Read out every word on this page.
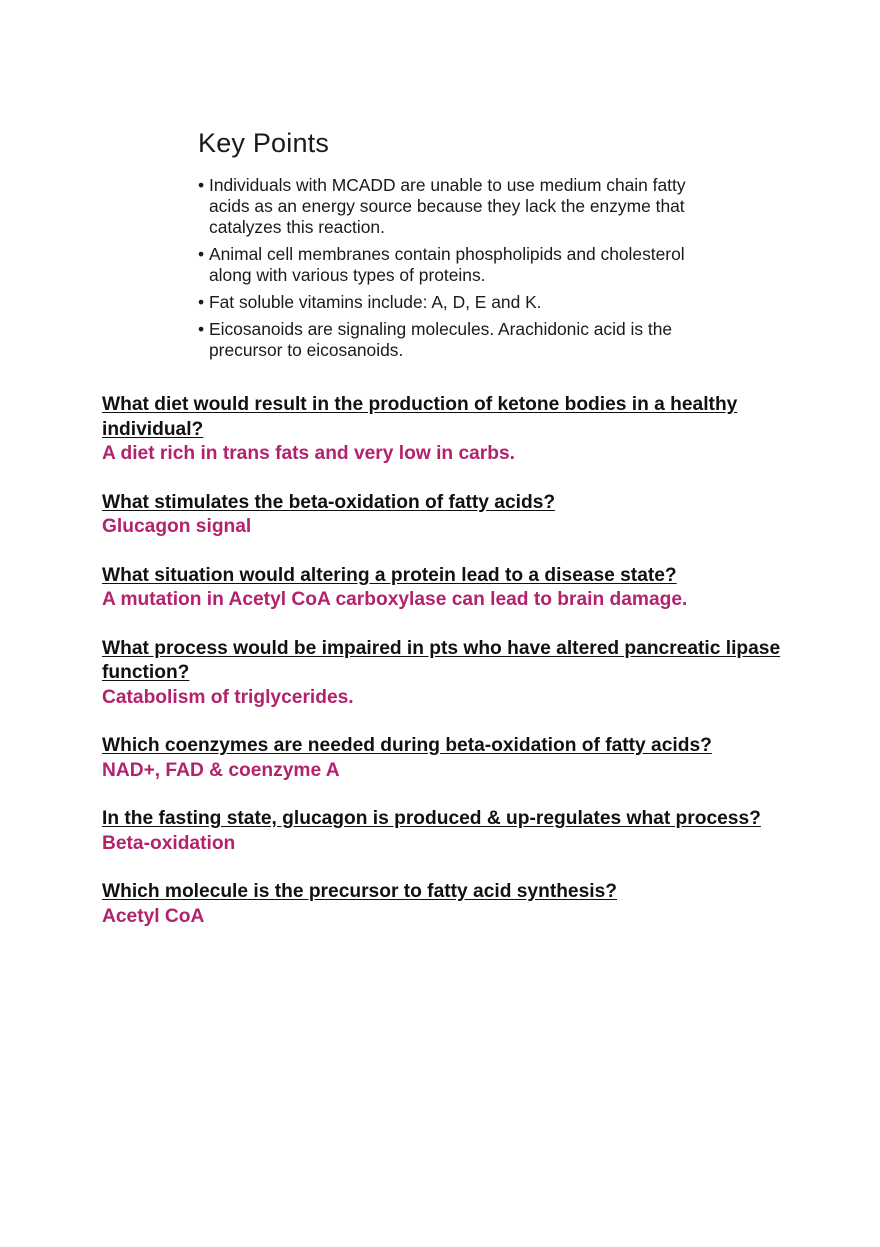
Key Points
• Individuals with MCADD are unable to use medium chain fatty acids as an energy source because they lack the enzyme that catalyzes this reaction.
• Animal cell membranes contain phospholipids and cholesterol along with various types of proteins.
• Fat soluble vitamins include: A, D, E and K.
• Eicosanoids are signaling molecules. Arachidonic acid is the precursor to eicosanoids.
What diet would result in the production of ketone bodies in a healthy individual?
A diet rich in trans fats and very low in carbs.
What stimulates the beta-oxidation of fatty acids?
Glucagon signal
What situation would altering a protein lead to a disease state?
A mutation in Acetyl CoA carboxylase can lead to brain damage.
What process would be impaired in pts who have altered pancreatic lipase function?
Catabolism of triglycerides.
Which coenzymes are needed during beta-oxidation of fatty acids?
NAD+, FAD & coenzyme A
In the fasting state, glucagon is produced & up-regulates what process?
Beta-oxidation
Which molecule is the precursor to fatty acid synthesis?
Acetyl CoA
